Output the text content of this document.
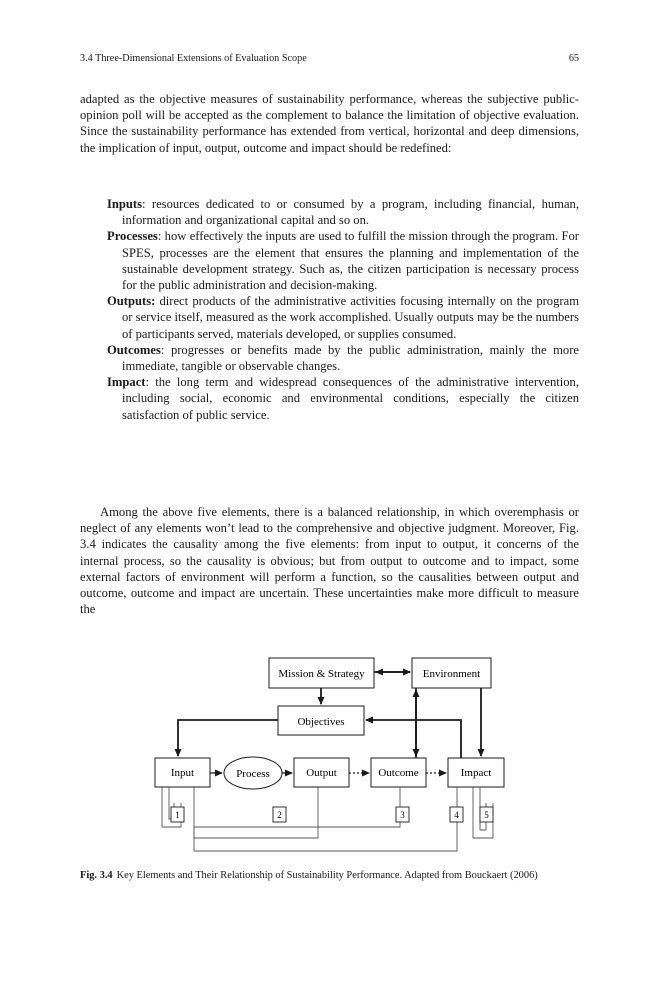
3.4 Three-Dimensional Extensions of Evaluation Scope	65

adapted as the objective measures of sustainability performance, whereas the subjective public-opinion poll will be accepted as the complement to balance the limitation of objective evaluation. Since the sustainability performance has extended from vertical, horizontal and deep dimensions, the implication of input, output, outcome and impact should be redefined:

Inputs: resources dedicated to or consumed by a program, including financial, human, information and organizational capital and so on.
Processes: how effectively the inputs are used to fulfill the mission through the program. For SPES, processes are the element that ensures the planning and implementation of the sustainable development strategy. Such as, the citizen participation is necessary process for the public administration and decision-making.
Outputs: direct products of the administrative activities focusing internally on the program or service itself, measured as the work accomplished. Usually outputs may be the numbers of participants served, materials developed, or supplies consumed.
Outcomes: progresses or benefits made by the public administration, mainly the more immediate, tangible or observable changes.
Impact: the long term and widespread consequences of the administrative intervention, including social, economic and environmental conditions, especially the citizen satisfaction of public service.

Among the above five elements, there is a balanced relationship, in which overemphasis or neglect of any elements won’t lead to the comprehensive and objective judgment. Moreover, Fig. 3.4 indicates the causality among the five elements: from input to output, it concerns of the internal process, so the causality is obvious; but from output to outcome and to impact, some external factors of environment will perform a function, so the causalities between output and outcome, outcome and impact are uncertain. These uncertainties make more difficult to measure the

Mission & Strategy	Environment
Objectives
Input	Process	Output	Outcome	Impact
1	2	3	4	5

Fig. 3.4 Key Elements and Their Relationship of Sustainability Performance. Adapted from Bouckaert (2006)
